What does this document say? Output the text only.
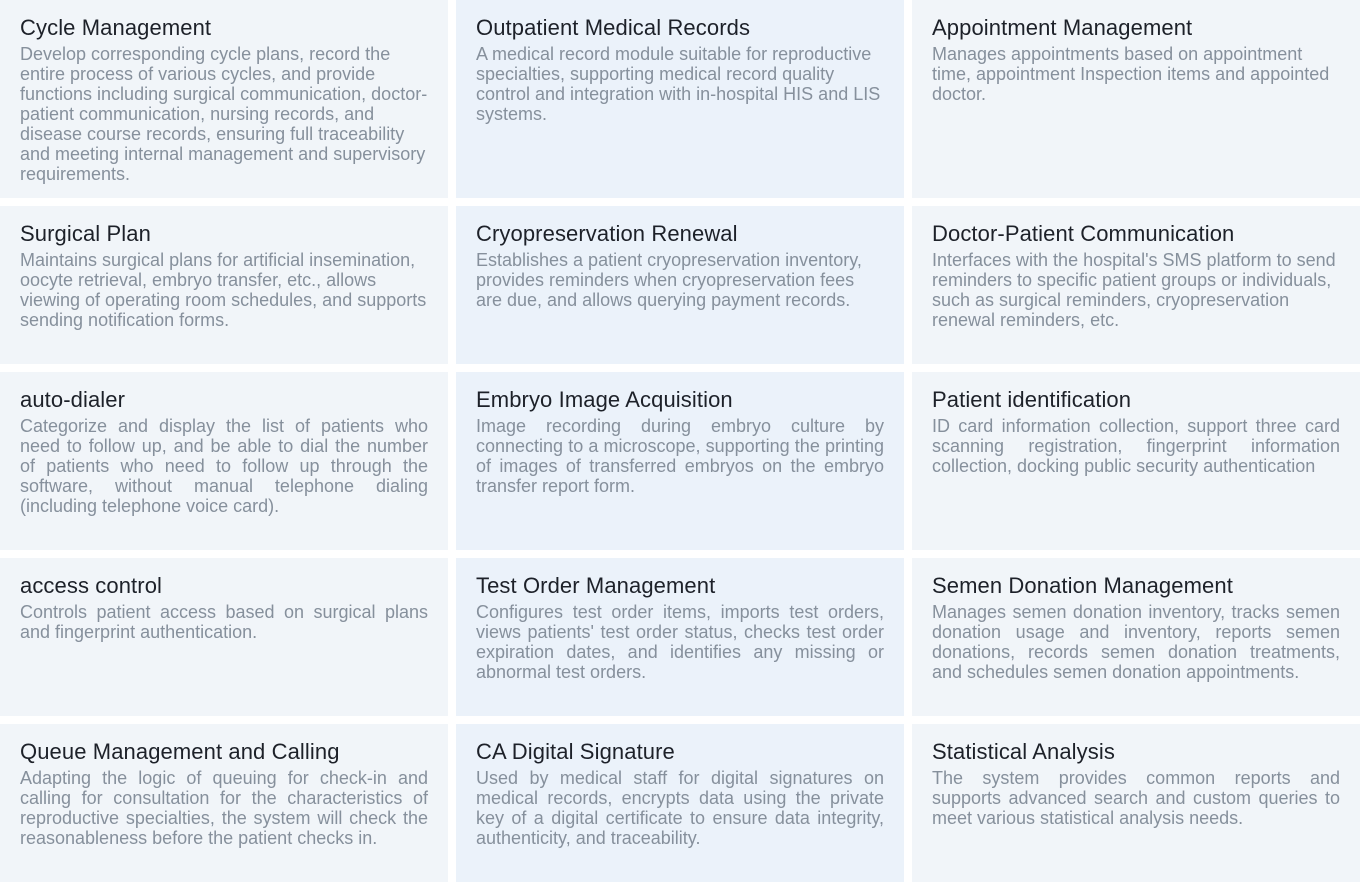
Cycle Management

Develop corresponding cycle plans, record the entire process of various cycles, and provide functions including surgical communication, doctor-patient communication, nursing records, and disease course records, ensuring full traceability and meeting internal management and supervisory requirements.

Outpatient Medical Records

A medical record module suitable for reproductive specialties, supporting medical record quality control and integration with in-hospital HIS and LIS systems.

Appointment Management

Manages appointments based on appointment time, appointment Inspection items and appointed doctor.

Surgical Plan

Maintains surgical plans for artificial insemination, oocyte retrieval, embryo transfer, etc., allows viewing of operating room schedules, and supports sending notification forms.

Cryopreservation Renewal

Establishes a patient cryopreservation inventory, provides reminders when cryopreservation fees are due, and allows querying payment records.

Doctor-Patient Communication

Interfaces with the hospital's SMS platform to send reminders to specific patient groups or individuals, such as surgical reminders, cryopreservation renewal reminders, etc.

auto-dialer

Categorize and display the list of patients who need to follow up, and be able to dial the number of patients who need to follow up through the software, without manual telephone dialing (including telephone voice card).

Embryo Image Acquisition

Image recording during embryo culture by connecting to a microscope, supporting the printing of images of transferred embryos on the embryo transfer report form.

Patient identification

ID card information collection, support three card scanning registration, fingerprint information collection, docking public security authentication

access control

Controls patient access based on surgical plans and fingerprint authentication.

Test Order Management

Configures test order items, imports test orders, views patients' test order status, checks test order expiration dates, and identifies any missing or abnormal test orders.

Semen Donation Management

Manages semen donation inventory, tracks semen donation usage and inventory, reports semen donations, records semen donation treatments, and schedules semen donation appointments.

Queue Management and Calling

Adapting the logic of queuing for check-in and calling for consultation for the characteristics of reproductive specialties, the system will check the reasonableness before the patient checks in.

CA Digital Signature

Used by medical staff for digital signatures on medical records, encrypts data using the private key of a digital certificate to ensure data integrity, authenticity, and traceability.

Statistical Analysis

The system provides common reports and supports advanced search and custom queries to meet various statistical analysis needs.
